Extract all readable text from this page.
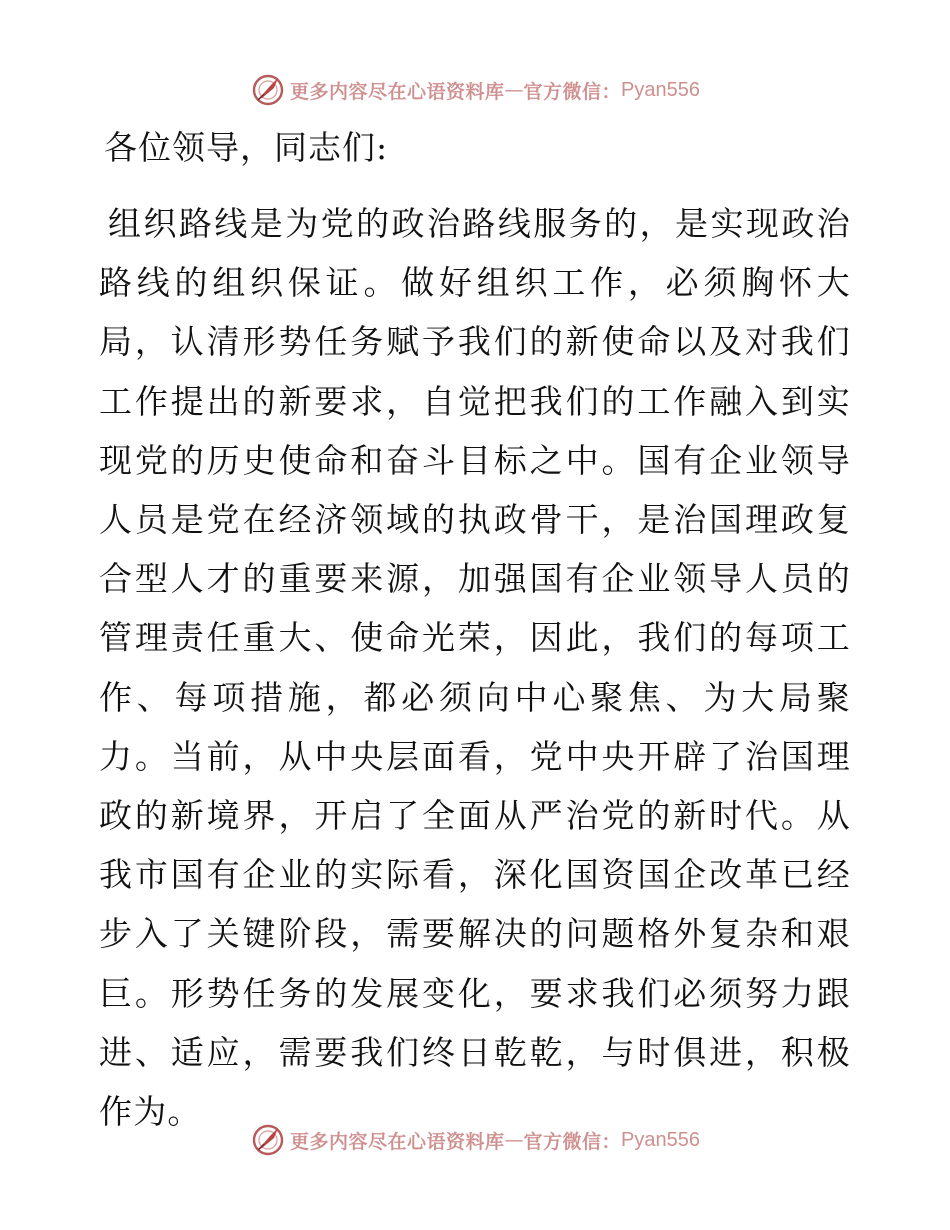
更多内容尽在心语资料库 — 官方微信： Pyan556
各位领导，同志们:

组织路线是为党的政治路线服务的，是实现政治路线的组织保证。做好组织工作，必须胸怀大局，认清形势任务赋予我们的新使命以及对我们工作提出的新要求，自觉把我们的工作融入到实现党的历史使命和奋斗目标之中。国有企业领导人员是党在经济领域的执政骨干，是治国理政复合型人才的重要来源，加强国有企业领导人员的管理责任重大、使命光荣，因此，我们的每项工作、每项措施，都必须向中心聚焦、为大局聚力。当前，从中央层面看，党中央开辟了治国理政的新境界，开启了全面从严治党的新时代。从我市国有企业的实际看，深化国资国企改革已经步入了关键阶段，需要解决的问题格外复杂和艰巨。形势任务的发展变化，要求我们必须努力跟进、适应，需要我们终日乾乾，与时俱进，积极作为。

更多内容尽在心语资料库 — 官方微信： Pyan556
